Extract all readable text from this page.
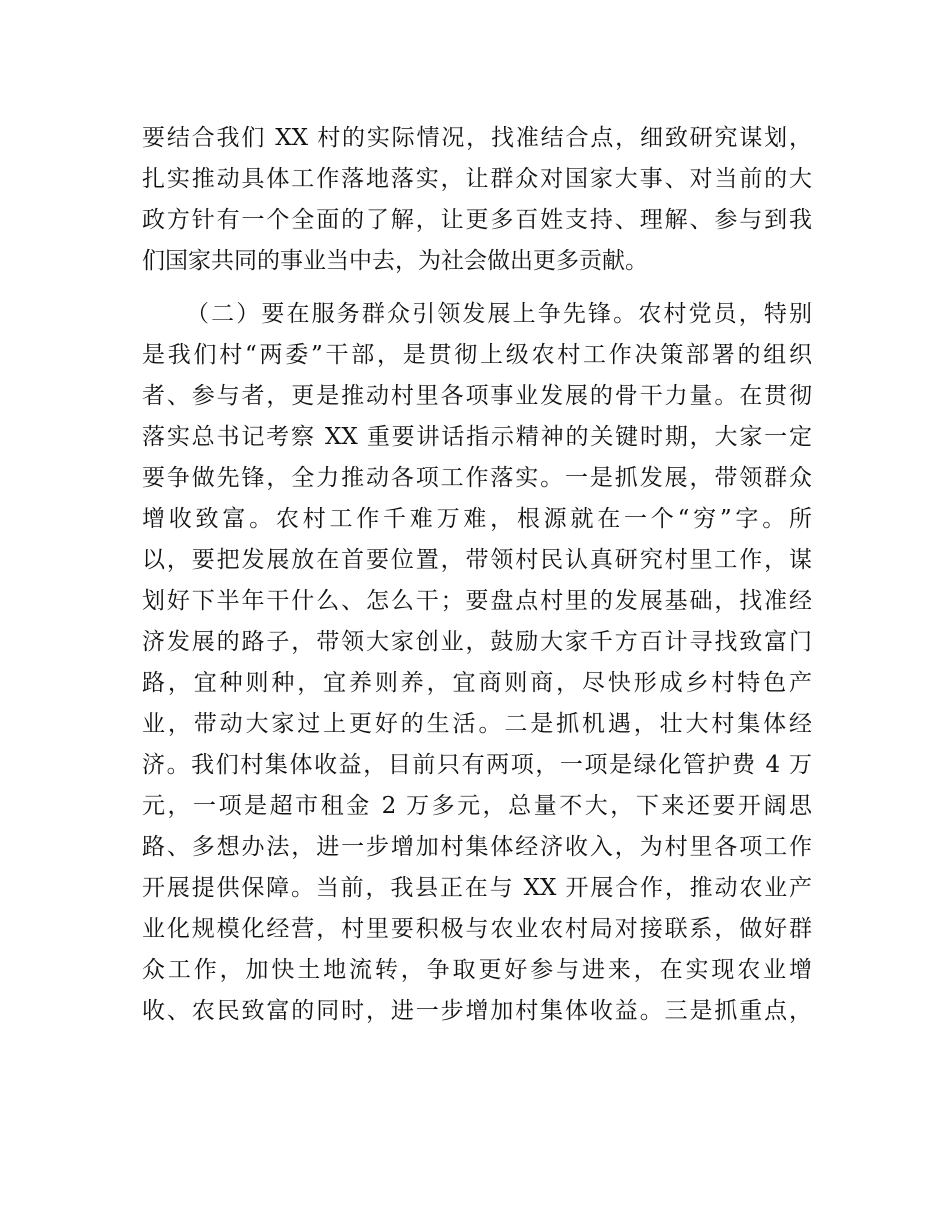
要结合我们 XX 村的实际情况，找准结合点，细致研究谋划，
扎实推动具体工作落地落实，让群众对国家大事、对当前的大
政方针有一个全面的了解，让更多百姓支持、理解、参与到我
们国家共同的事业当中去，为社会做出更多贡献。
（二）要在服务群众引领发展上争先锋。农村党员，特别
是我们村“两委”干部，是贯彻上级农村工作决策部署的组织
者、参与者，更是推动村里各项事业发展的骨干力量。在贯彻
落实总书记考察 XX 重要讲话指示精神的关键时期，大家一定
要争做先锋，全力推动各项工作落实。一是抓发展，带领群众
增收致富。农村工作千难万难，根源就在一个“穷”字。所
以，要把发展放在首要位置，带领村民认真研究村里工作，谋
划好下半年干什么、怎么干；要盘点村里的发展基础，找准经
济发展的路子，带领大家创业，鼓励大家千方百计寻找致富门
路，宜种则种，宜养则养，宜商则商，尽快形成乡村特色产
业，带动大家过上更好的生活。二是抓机遇，壮大村集体经
济。我们村集体收益，目前只有两项，一项是绿化管护费 4 万
元，一项是超市租金 2 万多元，总量不大，下来还要开阔思
路、多想办法，进一步增加村集体经济收入，为村里各项工作
开展提供保障。当前，我县正在与 XX 开展合作，推动农业产
业化规模化经营，村里要积极与农业农村局对接联系，做好群
众工作，加快土地流转，争取更好参与进来，在实现农业增
收、农民致富的同时，进一步增加村集体收益。三是抓重点，
